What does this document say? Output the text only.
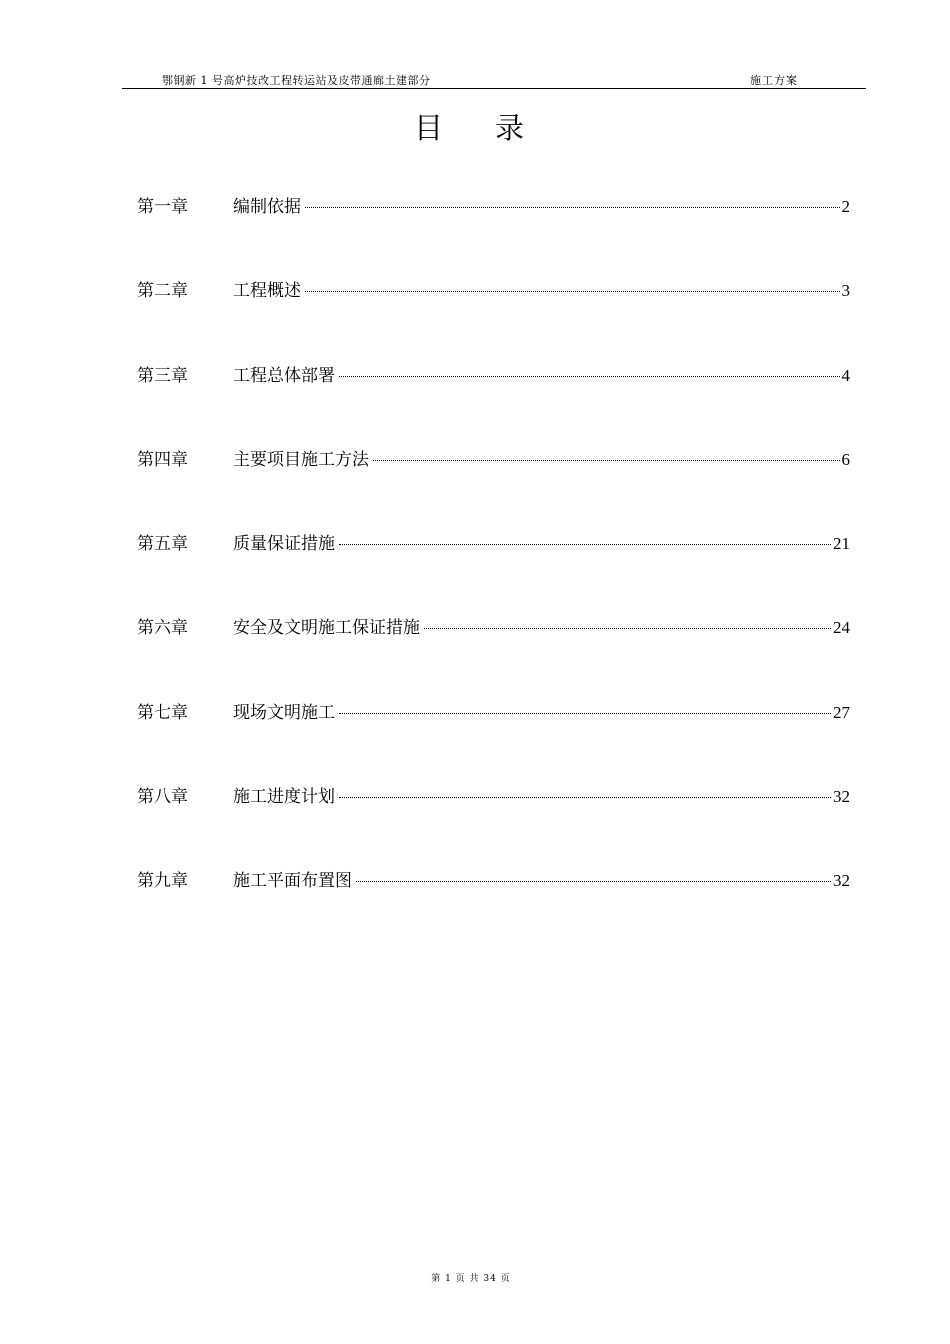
鄂钢新 1 号高炉技改工程转运站及皮带通廊土建部分	施工方案
目录
第一章	编制依据	2
第二章	工程概述	3
第三章	工程总体部署	4
第四章	主要项目施工方法	6
第五章	质量保证措施	21
第六章	安全及文明施工保证措施	24
第七章	现场文明施工	27
第八章	施工进度计划	32
第九章	施工平面布置图	32
第 1 页 共 34 页
